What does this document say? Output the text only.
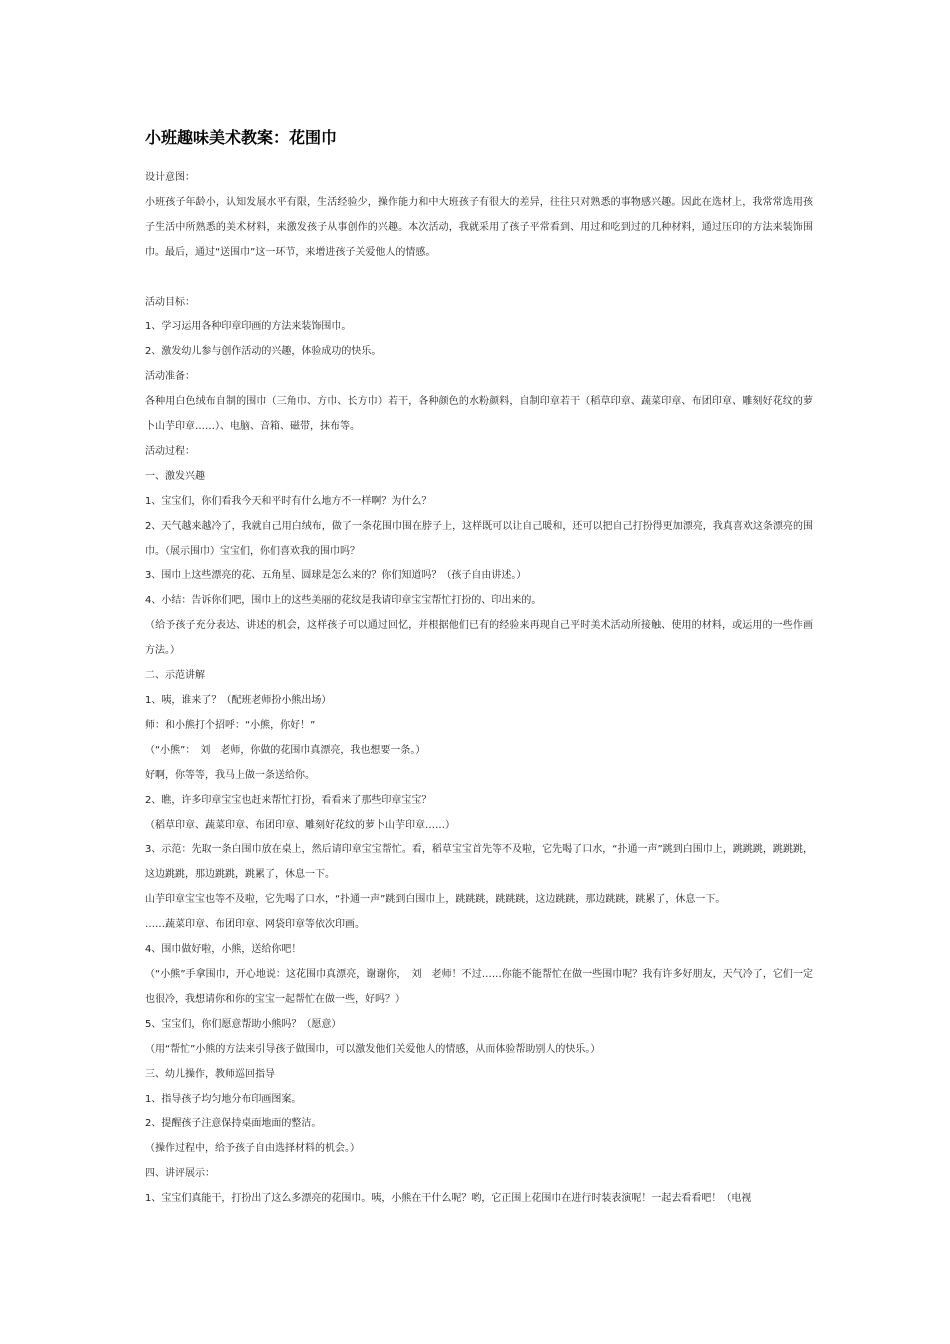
小班趣味美术教案：花围巾
设计意图：
小班孩子年龄小，认知发展水平有限，生活经验少，操作能力和中大班孩子有很大的差异，往往只对熟悉的事物感兴趣。因此在选材上，我常常选用孩子生活中所熟悉的美术材料，来激发孩子从事创作的兴趣。本次活动，我就采用了孩子平常看到、用过和吃到过的几种材料，通过压印的方法来装饰围巾。最后，通过“送围巾”这一环节，来增进孩子关爱他人的情感。
活动目标：
1、学习运用各种印章印画的方法来装饰围巾。
2、激发幼儿参与创作活动的兴趣，体验成功的快乐。
活动准备：
各种用白色绒布自制的围巾（三角巾、方巾、长方巾）若干，各种颜色的水粉颜料，自制印章若干（稻草印章、蔬菜印章、布团印章、雕刻好花纹的萝卜山芋印章……）、电脑、音箱、磁带，抹布等。
活动过程：
一、激发兴趣
1、宝宝们，你们看我今天和平时有什么地方不一样啊？为什么？
2、天气越来越冷了，我就自己用白绒布，做了一条花围巾围在脖子上，这样既可以让自己暖和，还可以把自己打扮得更加漂亮，我真喜欢这条漂亮的围巾。（展示围巾）宝宝们，你们喜欢我的围巾吗？
3、围巾上这些漂亮的花、五角星、圆球是怎么来的？你们知道吗？（孩子自由讲述。）
4、小结：告诉你们吧，围巾上的这些美丽的花纹是我请印章宝宝帮忙打扮的、印出来的。
（给予孩子充分表达、讲述的机会，这样孩子可以通过回忆，并根据他们已有的经验来再现自己平时美术活动所接触、使用的材料，或运用的一些作画方法。）
二、示范讲解
1、咦，谁来了？（配班老师扮小熊出场）
师：和小熊打个招呼：“小熊，你好！”
（“小熊”：　刘　老师，你做的花围巾真漂亮，我也想要一条。）
好啊，你等等，我马上做一条送给你。
2、瞧，许多印章宝宝也赶来帮忙打扮，看看来了那些印章宝宝？
（稻草印章、蔬菜印章、布团印章、雕刻好花纹的萝卜山芋印章……）
3、示范：先取一条白围巾放在桌上，然后请印章宝宝帮忙。看，稻草宝宝首先等不及啦，它先喝了口水，“扑通一声”跳到白围巾上，跳跳跳，跳跳跳，这边跳跳，那边跳跳，跳累了，休息一下。
山芋印章宝宝也等不及啦，它先喝了口水，“扑通一声”跳到白围巾上，跳跳跳，跳跳跳，这边跳跳，那边跳跳，跳累了，休息一下。
……蔬菜印章、布团印章、网袋印章等依次印画。
4、围巾做好啦，小熊，送给你吧！
（“小熊”手拿围巾，开心地说：这花围巾真漂亮，谢谢你，　刘　老师！不过……你能不能帮忙在做一些围巾呢？我有许多好朋友，天气冷了，它们一定也很冷，我想请你和你的宝宝一起帮忙在做一些，好吗？）
5、宝宝们，你们愿意帮助小熊吗？（愿意）
（用“帮忙”小熊的方法来引导孩子做围巾，可以激发他们关爱他人的情感，从而体验帮助别人的快乐。）
三、幼儿操作，教师巡回指导
1、指导孩子均匀地分布印画图案。
2、提醒孩子注意保持桌面地面的整洁。
（操作过程中，给予孩子自由选择材料的机会。）
四、讲评展示：
1、宝宝们真能干，打扮出了这么多漂亮的花围巾。咦，小熊在干什么呢？哟，它正围上花围巾在进行时装表演呢！一起去看看吧！（电视
